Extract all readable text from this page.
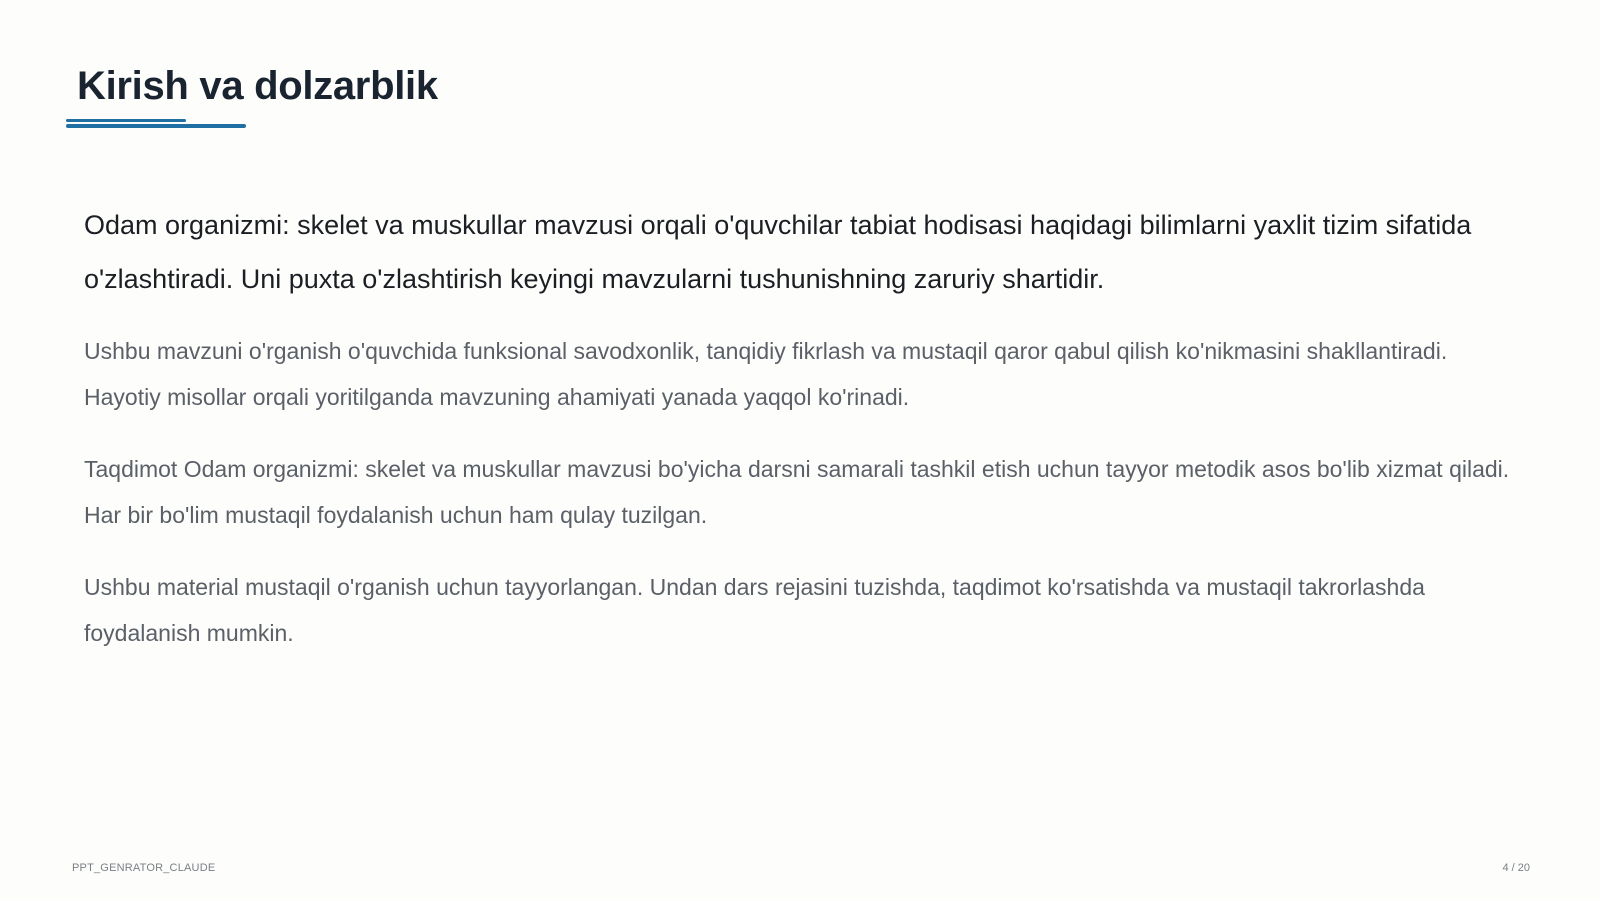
Kirish va dolzarblik

Odam organizmi: skelet va muskullar mavzusi orqali o'quvchilar tabiat hodisasi haqidagi bilimlarni yaxlit tizim sifatida o'zlashtiradi. Uni puxta o'zlashtirish keyingi mavzularni tushunishning zaruriy shartidir.

Ushbu mavzuni o'rganish o'quvchida funksional savodxonlik, tanqidiy fikrlash va mustaqil qaror qabul qilish ko'nikmasini shakllantiradi. Hayotiy misollar orqali yoritilganda mavzuning ahamiyati yanada yaqqol ko'rinadi.

Taqdimot Odam organizmi: skelet va muskullar mavzusi bo'yicha darsni samarali tashkil etish uchun tayyor metodik asos bo'lib xizmat qiladi. Har bir bo'lim mustaqil foydalanish uchun ham qulay tuzilgan.

Ushbu material mustaqil o'rganish uchun tayyorlangan. Undan dars rejasini tuzishda, taqdimot ko'rsatishda va mustaqil takrorlashda foydalanish mumkin.

PPT_GENRATOR_CLAUDE	4 / 20
